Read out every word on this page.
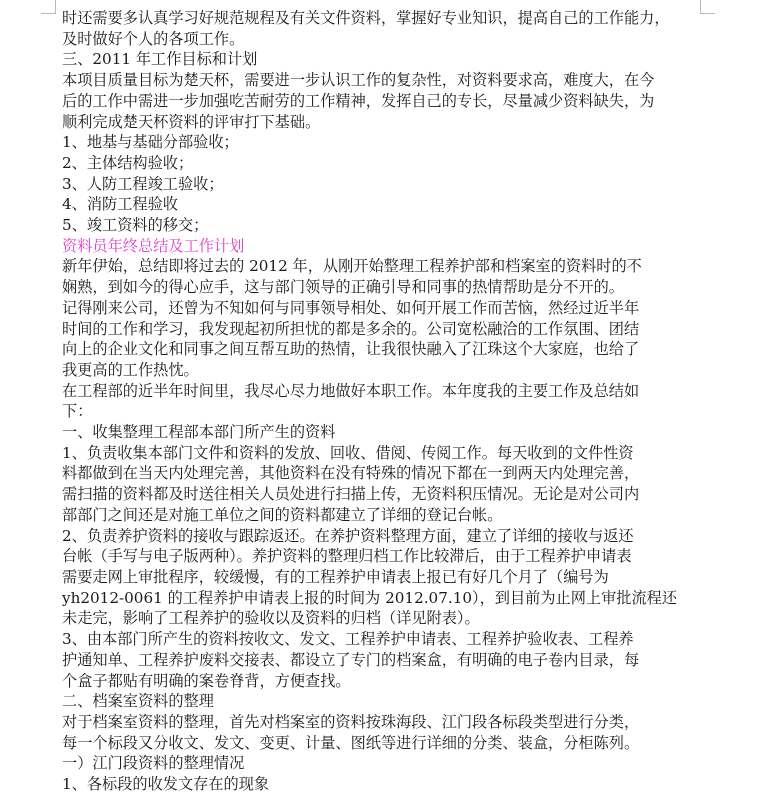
时还需要多认真学习好规范规程及有关文件资料，掌握好专业知识，提高自己的工作能力，

及时做好个人的各项工作。

三、2011 年工作目标和计划

本项目质量目标为楚天杯，需要进一步认识工作的复杂性，对资料要求高，难度大，在今

后的工作中需进一步加强吃苦耐劳的工作精神，发挥自己的专长，尽量减少资料缺失，为

顺利完成楚天杯资料的评审打下基础。

1、地基与基础分部验收；

2、主体结构验收；

3、人防工程竣工验收；

4、消防工程验收

5、竣工资料的移交；

资料员年终总结及工作计划

新年伊始，总结即将过去的 2012 年，从刚开始整理工程养护部和档案室的资料时的不

娴熟，到如今的得心应手，这与部门领导的正确引导和同事的热情帮助是分不开的。

记得刚来公司，还曾为不知如何与同事领导相处、如何开展工作而苦恼，然经过近半年

时间的工作和学习，我发现起初所担忧的都是多余的。公司宽松融洽的工作氛围、团结

向上的企业文化和同事之间互帮互助的热情，让我很快融入了江珠这个大家庭，也给了

我更高的工作热忱。

在工程部的近半年时间里，我尽心尽力地做好本职工作。本年度我的主要工作及总结如

下：

一、收集整理工程部本部门所产生的资料

1、负责收集本部门文件和资料的发放、回收、借阅、传阅工作。每天收到的文件性资

料都做到在当天内处理完善，其他资料在没有特殊的情况下都在一到两天内处理完善，

需扫描的资料都及时送往相关人员处进行扫描上传，无资料积压情况。无论是对公司内

部部门之间还是对施工单位之间的资料都建立了详细的登记台帐。

2、负责养护资料的接收与跟踪返还。在养护资料整理方面，建立了详细的接收与返还

台帐（手写与电子版两种）。养护资料的整理归档工作比较滞后，由于工程养护申请表

需要走网上审批程序，较缓慢，有的工程养护申请表上报已有好几个月了（编号为

yh2012-0061 的工程养护申请表上报的时间为 2012.07.10），到目前为止网上审批流程还

未走完，影响了工程养护的验收以及资料的归档（详见附表）。

3、由本部门所产生的资料按收文、发文、工程养护申请表、工程养护验收表、工程养

护通知单、工程养护废料交接表、都设立了专门的档案盒，有明确的电子卷内目录，每

个盒子都贴有明确的案卷脊背，方便查找。

二、档案室资料的整理

对于档案室资料的整理，首先对档案室的资料按珠海段、江门段各标段类型进行分类，

每一个标段又分收文、发文、变更、计量、图纸等进行详细的分类、装盒，分柜陈列。

一）江门段资料的整理情况

1、各标段的收发文存在的现象
